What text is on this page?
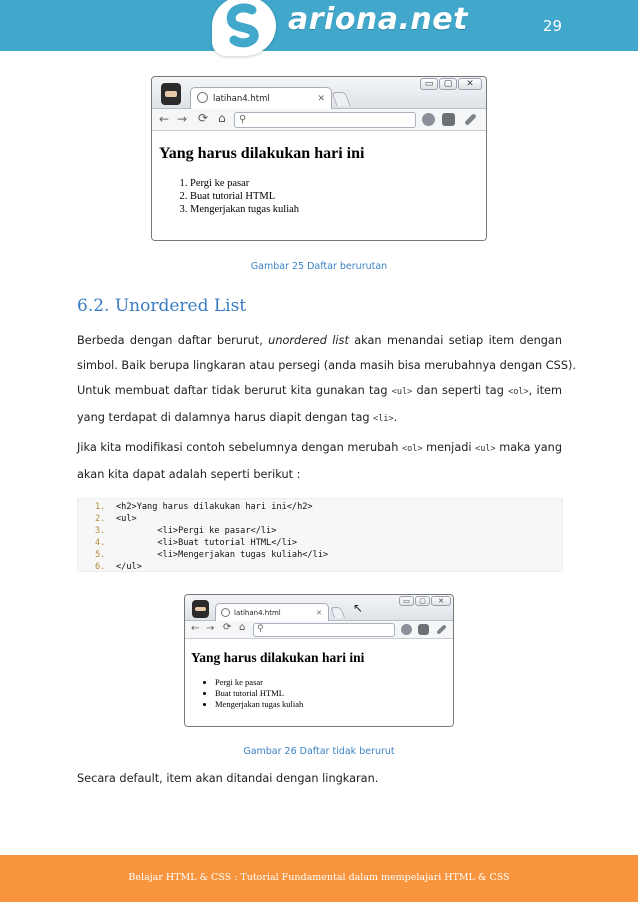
ariona.net	29
latihan4.html	✕
▭	▢	✕
← → ⟳ ⌂ ⚲
Yang harus dilakukan hari ini
1. Pergi ke pasar
2. Buat tutorial HTML
3. Mengerjakan tugas kuliah
Gambar 25 Daftar berurutan
6.2. Unordered List
Berbeda dengan daftar berurut, unordered list akan menandai setiap item dengan
simbol. Baik berupa lingkaran atau persegi (anda masih bisa merubahnya dengan CSS).
Untuk membuat daftar tidak berurut kita gunakan tag <ul> dan seperti tag <ol>, item
yang terdapat di dalamnya harus diapit dengan tag <li>.
Jika kita modifikasi contoh sebelumnya dengan merubah <ol> menjadi <ul> maka yang
akan kita dapat adalah seperti berikut :
1. <h2>Yang harus dilakukan hari ini</h2>
2. <ul>
3. <li>Pergi ke pasar</li>
4. <li>Buat tutorial HTML</li>
5. <li>Mengerjakan tugas kuliah</li>
6. </ul>
latihan4.html	✕	↖	▭	▢	✕
← → ⟳ ⌂ ⚲
Yang harus dilakukan hari ini
• Pergi ke pasar
• Buat tutorial HTML
• Mengerjakan tugas kuliah
Gambar 26 Daftar tidak berurut
Secara default, item akan ditandai dengan lingkaran.
Belajar HTML & CSS : Tutorial Fundamental dalam mempelajari HTML & CSS
